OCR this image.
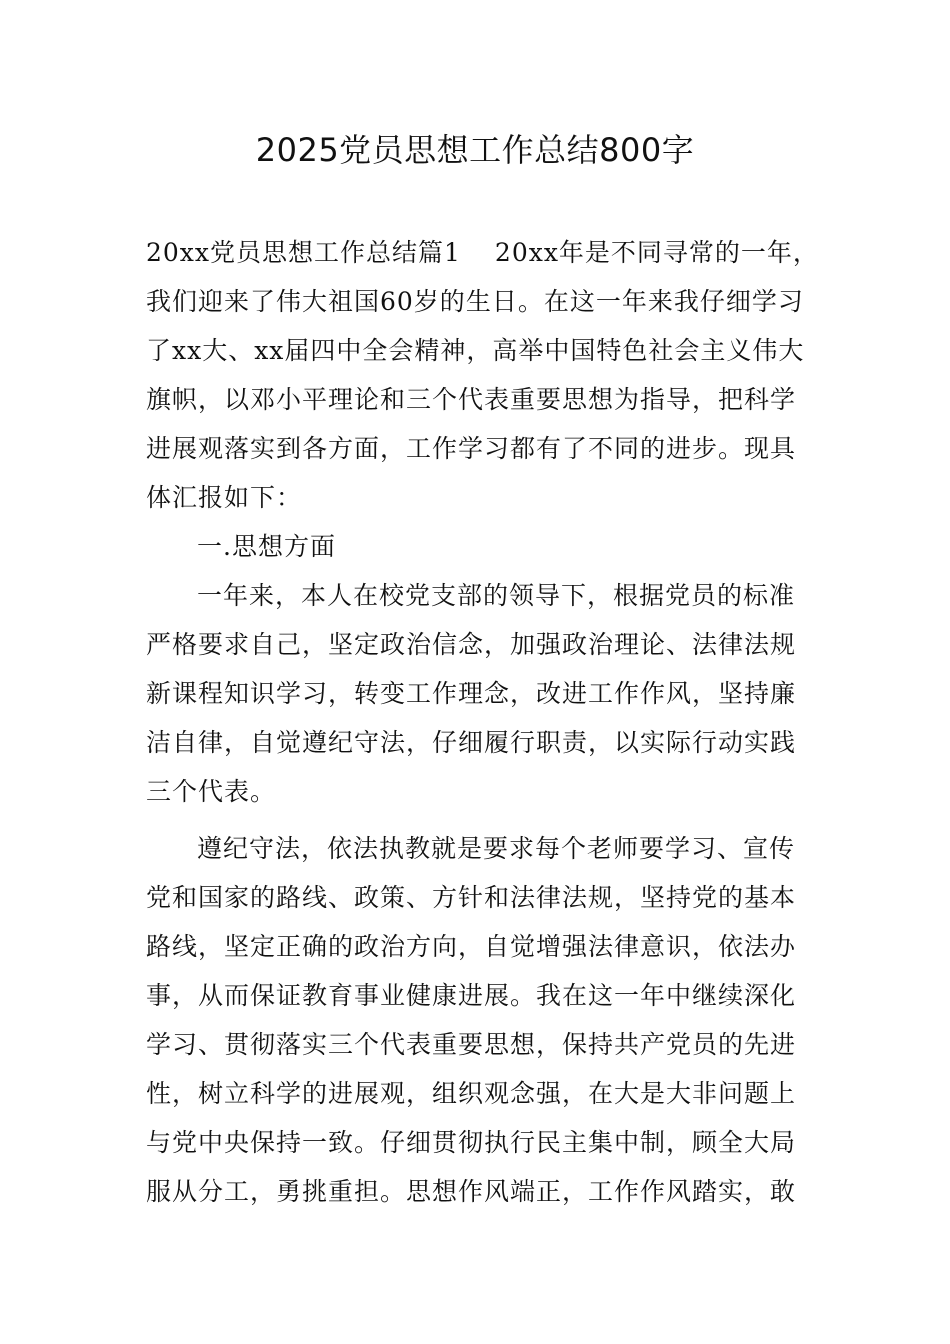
2025党员思想工作总结800字
20xx党员思想工作总结篇1 20xx年是不同寻常的一年，
我们迎来了伟大祖国60岁的生日。在这一年来我仔细学习
了xx大、xx届四中全会精神，高举中国特色社会主义伟大
旗帜，以邓小平理论和三个代表重要思想为指导，把科学
进展观落实到各方面，工作学习都有了不同的进步。现具
体汇报如下：
一.思想方面
一年来，本人在校党支部的领导下，根据党员的标准
严格要求自己，坚定政治信念，加强政治理论、法律法规
新课程知识学习，转变工作理念，改进工作作风，坚持廉
洁自律，自觉遵纪守法，仔细履行职责，以实际行动实践
三个代表。
遵纪守法，依法执教就是要求每个老师要学习、宣传
党和国家的路线、政策、方针和法律法规，坚持党的基本
路线，坚定正确的政治方向，自觉增强法律意识，依法办
事，从而保证教育事业健康进展。我在这一年中继续深化
学习、贯彻落实三个代表重要思想，保持共产党员的先进
性，树立科学的进展观，组织观念强，在大是大非问题上
与党中央保持一致。仔细贯彻执行民主集中制，顾全大局
服从分工，勇挑重担。思想作风端正，工作作风踏实，敢
